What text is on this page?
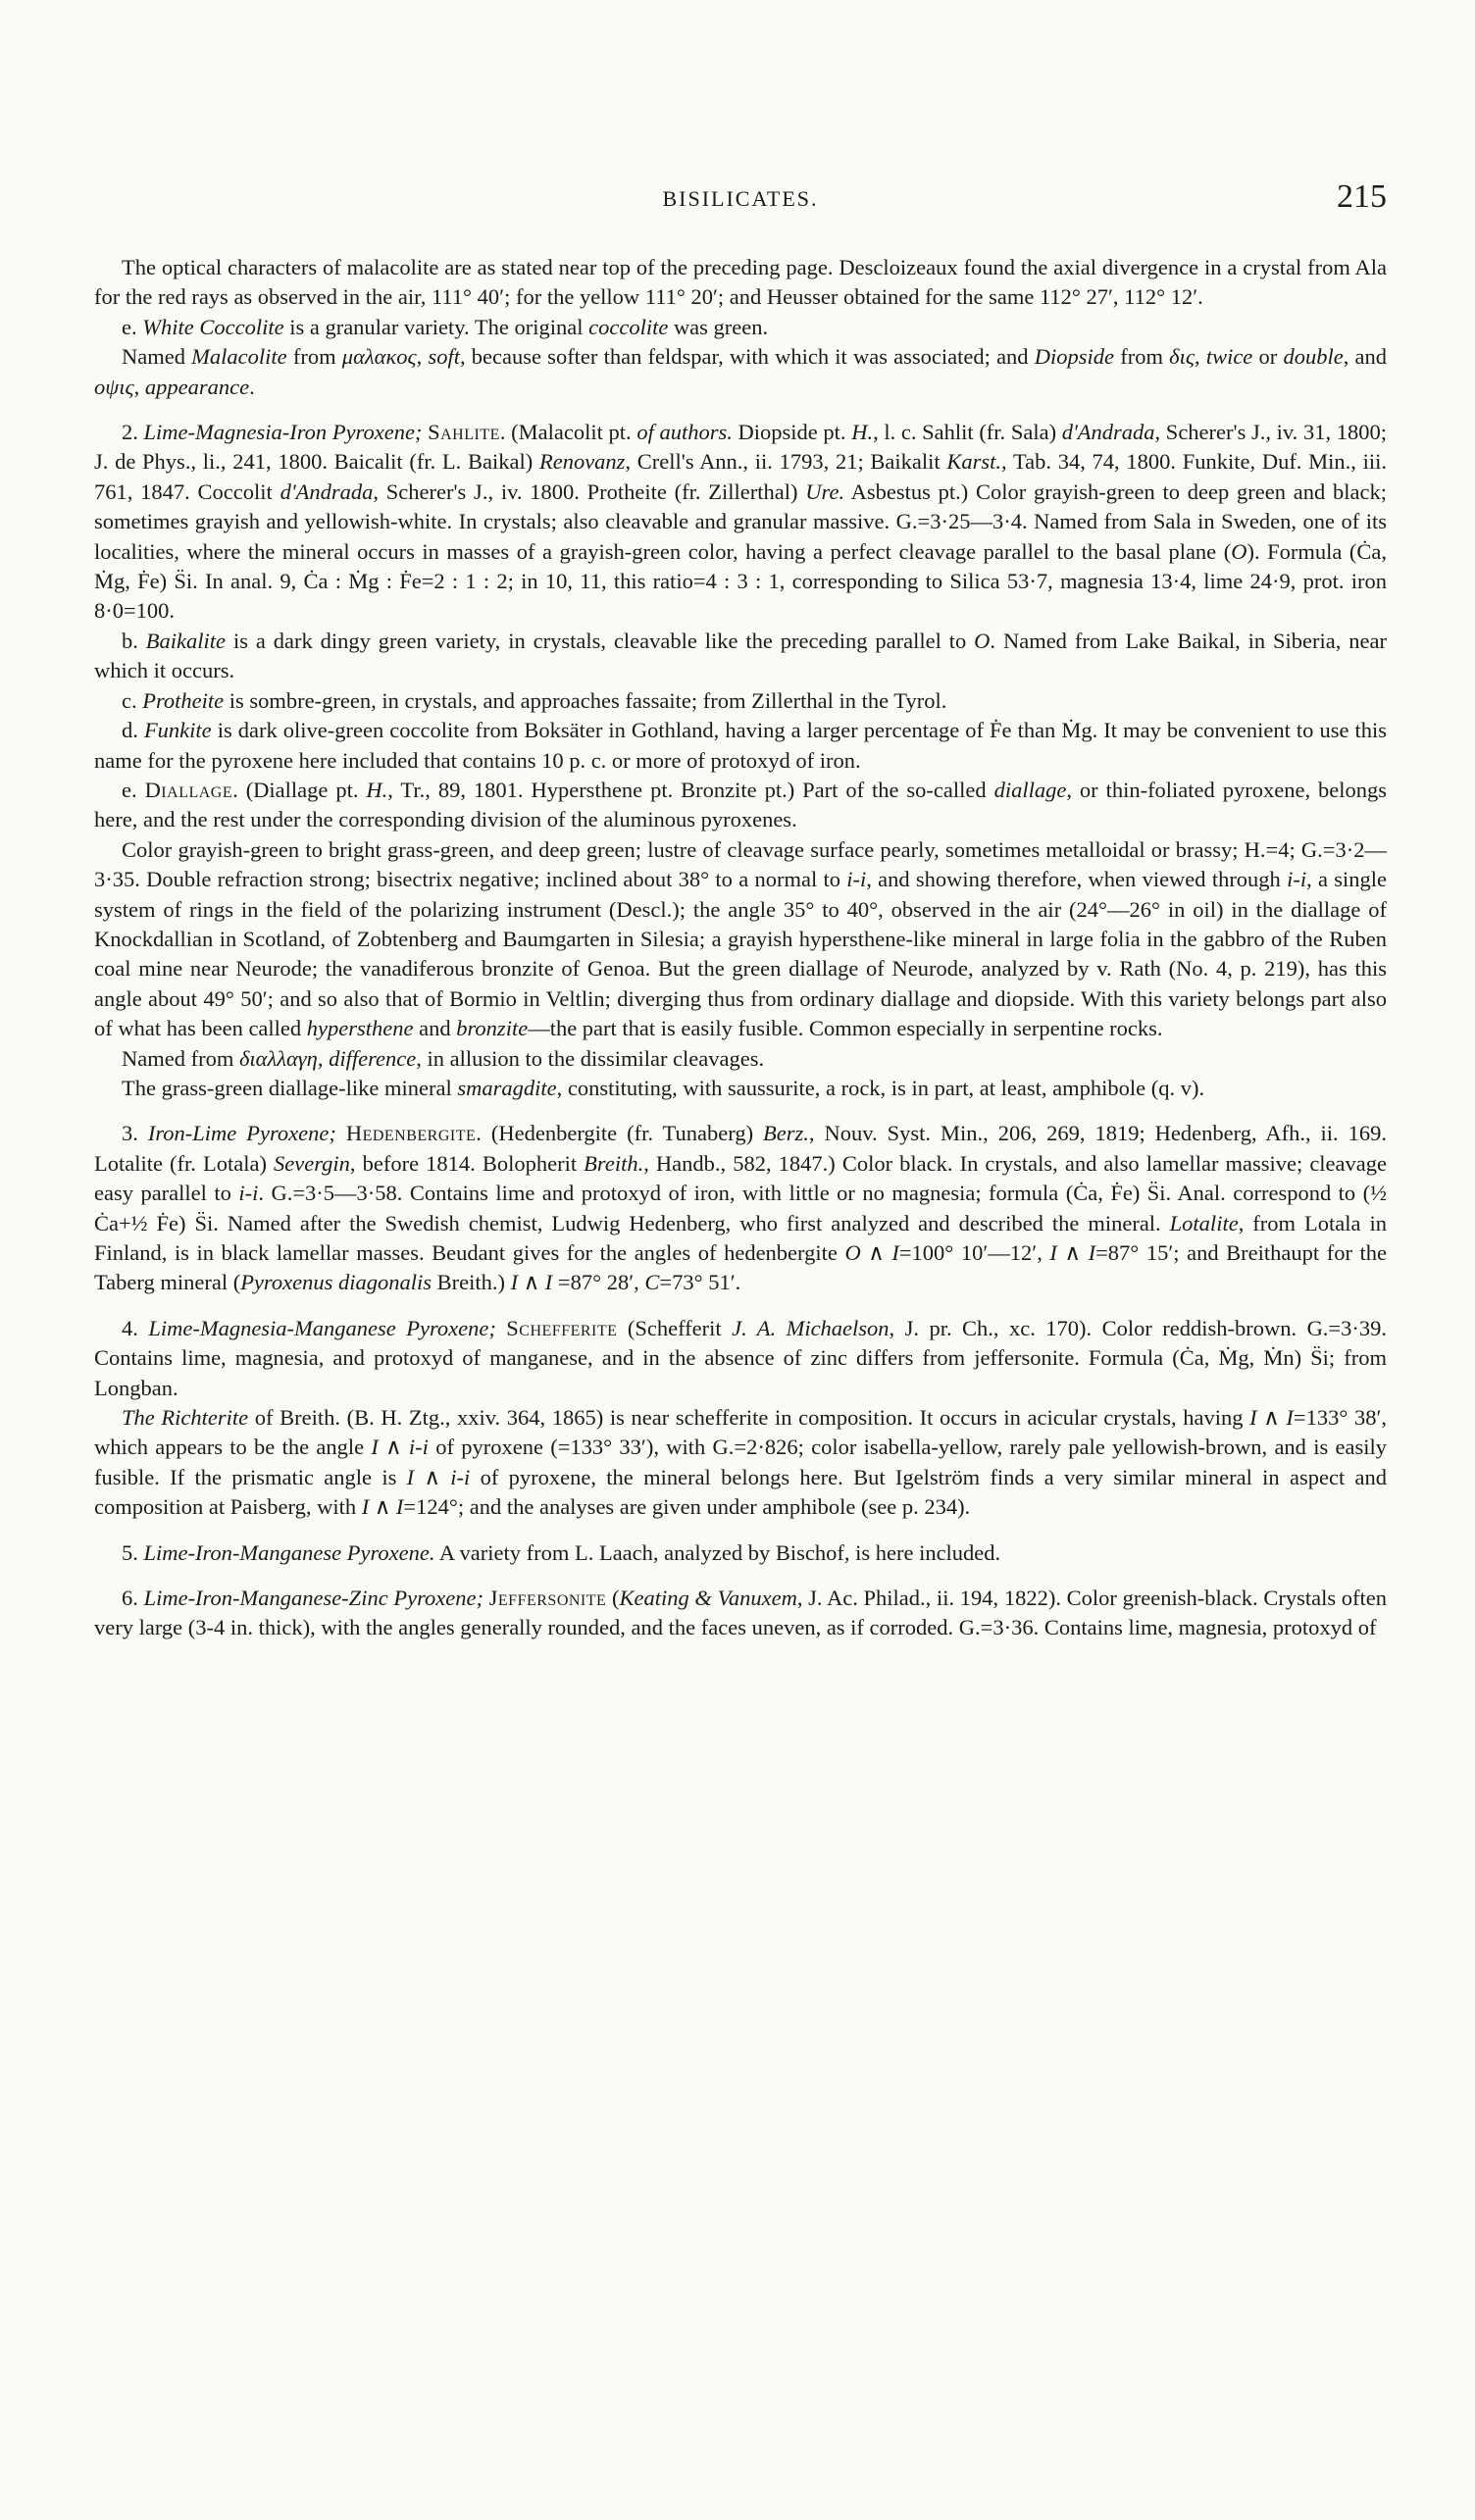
BISILICATES.	215

The optical characters of malacolite are as stated near top of the preceding page. Descloizeaux found the axial divergence in a crystal from Ala for the red rays as observed in the air, 111° 40′; for the yellow 111° 20′; and Heusser obtained for the same 112° 27′, 112° 12′.

e. White Coccolite is a granular variety. The original coccolite was green.

Named Malacolite from μαλακος, soft, because softer than feldspar, with which it was associated; and Diopside from δις, twice or double, and οψις, appearance.

2. Lime-Magnesia-Iron Pyroxene; Sahlite. (Malacolit pt. of authors. Diopside pt. H., l. c. Sahlit (fr. Sala) d'Andrada, Scherer's J., iv. 31, 1800; J. de Phys., li., 241, 1800. Baicalit (fr. L. Baikal) Renovanz, Crell's Ann., ii. 1793, 21; Baikalit Karst., Tab. 34, 74, 1800. Funkite, Duf. Min., iii. 761, 1847. Coccolit d'Andrada, Scherer's J., iv. 1800. Protheite (fr. Zillerthal) Ure. Asbestus pt.) Color grayish-green to deep green and black; sometimes grayish and yellowish-white. In crystals; also cleavable and granular massive. G.=3·25—3·4. Named from Sala in Sweden, one of its localities, where the mineral occurs in masses of a grayish-green color, having a perfect cleavage parallel to the basal plane (O). Formula (Ċa, Ṁg, Ḟe) S̈i. In anal. 9, Ċa : Ṁg : Ḟe=2 : 1 : 2; in 10, 11, this ratio=4 : 3 : 1, corresponding to Silica 53·7, magnesia 13·4, lime 24·9, prot. iron 8·0=100.

b. Baikalite is a dark dingy green variety, in crystals, cleavable like the preceding parallel to O. Named from Lake Baikal, in Siberia, near which it occurs.

c. Protheite is sombre-green, in crystals, and approaches fassaite; from Zillerthal in the Tyrol.

d. Funkite is dark olive-green coccolite from Boksäter in Gothland, having a larger percentage of Ḟe than Ṁg. It may be convenient to use this name for the pyroxene here included that contains 10 p. c. or more of protoxyd of iron.

e. Diallage. (Diallage pt. H., Tr., 89, 1801. Hypersthene pt. Bronzite pt.) Part of the so-called diallage, or thin-foliated pyroxene, belongs here, and the rest under the corresponding division of the aluminous pyroxenes.

Color grayish-green to bright grass-green, and deep green; lustre of cleavage surface pearly, sometimes metalloidal or brassy; H.=4; G.=3·2—3·35. Double refraction strong; bisectrix negative; inclined about 38° to a normal to i-i, and showing therefore, when viewed through i-i, a single system of rings in the field of the polarizing instrument (Descl.); the angle 35° to 40°, observed in the air (24°—26° in oil) in the diallage of Knockdallian in Scotland, of Zobtenberg and Baumgarten in Silesia; a grayish hypersthene-like mineral in large folia in the gabbro of the Ruben coal mine near Neurode; the vanadiferous bronzite of Genoa. But the green diallage of Neurode, analyzed by v. Rath (No. 4, p. 219), has this angle about 49° 50′; and so also that of Bormio in Veltlin; diverging thus from ordinary diallage and diopside. With this variety belongs part also of what has been called hypersthene and bronzite—the part that is easily fusible. Common especially in serpentine rocks.

Named from διαλλαγη, difference, in allusion to the dissimilar cleavages.

The grass-green diallage-like mineral smaragdite, constituting, with saussurite, a rock, is in part, at least, amphibole (q. v).

3. Iron-Lime Pyroxene; Hedenbergite. (Hedenbergite (fr. Tunaberg) Berz., Nouv. Syst. Min., 206, 269, 1819; Hedenberg, Afh., ii. 169. Lotalite (fr. Lotala) Severgin, before 1814. Bolopherit Breith., Handb., 582, 1847.) Color black. In crystals, and also lamellar massive; cleavage easy parallel to i-i. G.=3·5—3·58. Contains lime and protoxyd of iron, with little or no magnesia; formula (Ċa, Ḟe) S̈i. Anal. correspond to (½ Ċa+½ Ḟe) S̈i. Named after the Swedish chemist, Ludwig Hedenberg, who first analyzed and described the mineral. Lotalite, from Lotala in Finland, is in black lamellar masses. Beudant gives for the angles of hedenbergite O ∧ I=100° 10′—12′, I ∧ I=87° 15′; and Breithaupt for the Taberg mineral (Pyroxenus diagonalis Breith.) I ∧ I =87° 28′, C=73° 51′.

4. Lime-Magnesia-Manganese Pyroxene; Schefferite (Schefferit J. A. Michaelson, J. pr. Ch., xc. 170). Color reddish-brown. G.=3·39. Contains lime, magnesia, and protoxyd of manganese, and in the absence of zinc differs from jeffersonite. Formula (Ċa, Ṁg, Ṁn) S̈i; from Longban.

The Richterite of Breith. (B. H. Ztg., xxiv. 364, 1865) is near schefferite in composition. It occurs in acicular crystals, having I ∧ I=133° 38′, which appears to be the angle I ∧ i-i of pyroxene (=133° 33′), with G.=2·826; color isabella-yellow, rarely pale yellowish-brown, and is easily fusible. If the prismatic angle is I ∧ i-i of pyroxene, the mineral belongs here. But Igelström finds a very similar mineral in aspect and composition at Paisberg, with I ∧ I=124°; and the analyses are given under amphibole (see p. 234).

5. Lime-Iron-Manganese Pyroxene. A variety from L. Laach, analyzed by Bischof, is here included.

6. Lime-Iron-Manganese-Zinc Pyroxene; Jeffersonite (Keating & Vanuxem, J. Ac. Philad., ii. 194, 1822). Color greenish-black. Crystals often very large (3-4 in. thick), with the angles generally rounded, and the faces uneven, as if corroded. G.=3·36. Contains lime, magnesia, protoxyd of
